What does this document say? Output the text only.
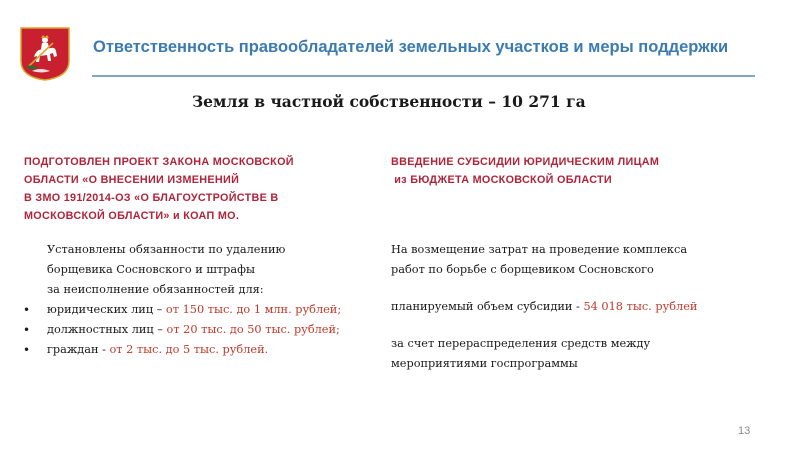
Ответственность правообладателей земельных участков и меры поддержки
Земля в частной собственности – 10 271 га
ПОДГОТОВЛЕН ПРОЕКТ ЗАКОНА МОСКОВСКОЙ
ОБЛАСТИ «О ВНЕСЕНИИ ИЗМЕНЕНИЙ
В ЗМО 191/2014-ОЗ «О БЛАГОУСТРОЙСТВЕ В
МОСКОВСКОЙ ОБЛАСТИ» и КОАП МО.
ВВЕДЕНИЕ СУБСИДИИ ЮРИДИЧЕСКИМ ЛИЦАМ
из БЮДЖЕТА МОСКОВСКОЙ ОБЛАСТИ
Установлены обязанности по удалению
борщевика Сосновского и штрафы
за неисполнение обязанностей для:
• юридических лиц – от 150 тыс. до 1 млн. рублей;
• должностных лиц – от 20 тыс. до 50 тыс. рублей;
• граждан - от 2 тыс. до 5 тыс. рублей.
На возмещение затрат на проведение комплекса
работ по борьбе с борщевиком Сосновского
планируемый объем субсидии - 54 018 тыс. рублей
за счет перераспределения средств между
мероприятиями госпрограммы
13
